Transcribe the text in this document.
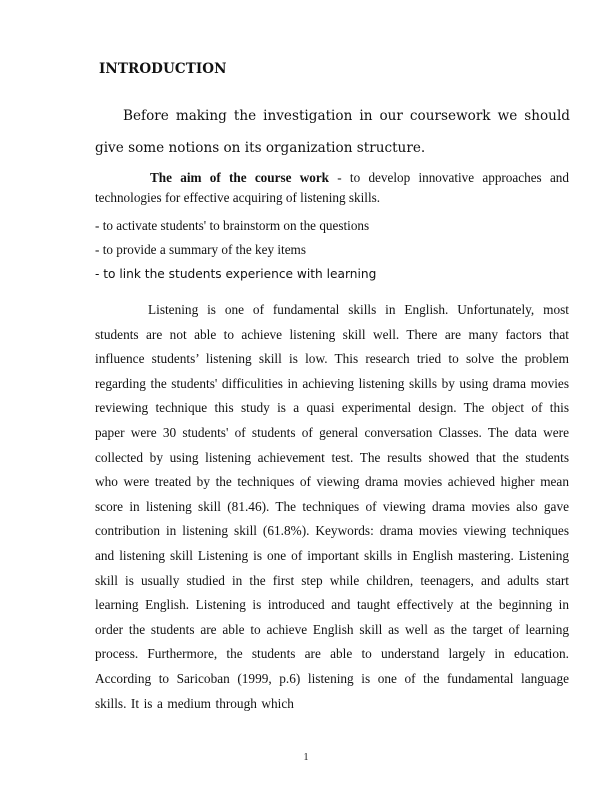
INTRODUCTION

Before making the investigation in our coursework we should give some notions on its organization structure.

The aim of the course work - to develop innovative approaches and technologies for effective acquiring of listening skills.

- to activate students' to brainstorm on the questions
- to provide a summary of the key items
- to link the students experience with learning

Listening is one of fundamental skills in English. Unfortunately, most students are not able to achieve listening skill well. There are many factors that influence students’ listening skill is low. This research tried to solve the problem regarding the students' difficulities in achieving listening skills by using drama movies reviewing technique this study is a quasi experimental design. The object of this paper were 30 students' of students of general conversation Classes. The data were collected by using listening achievement test. The results showed that the students who were treated by the techniques of viewing drama movies achieved higher mean score in listening skill (81.46). The techniques of viewing drama movies also gave contribution in listening skill (61.8%). Keywords: drama movies viewing techniques and listening skill Listening is one of important skills in English mastering. Listening skill is usually studied in the first step while children, teenagers, and adults start learning English. Listening is introduced and taught effectively at the beginning in order the students are able to achieve English skill as well as the target of learning process. Furthermore, the students are able to understand largely in education. According to Saricoban (1999, p.6) listening is one of the fundamental language skills. It is a medium through which

1
